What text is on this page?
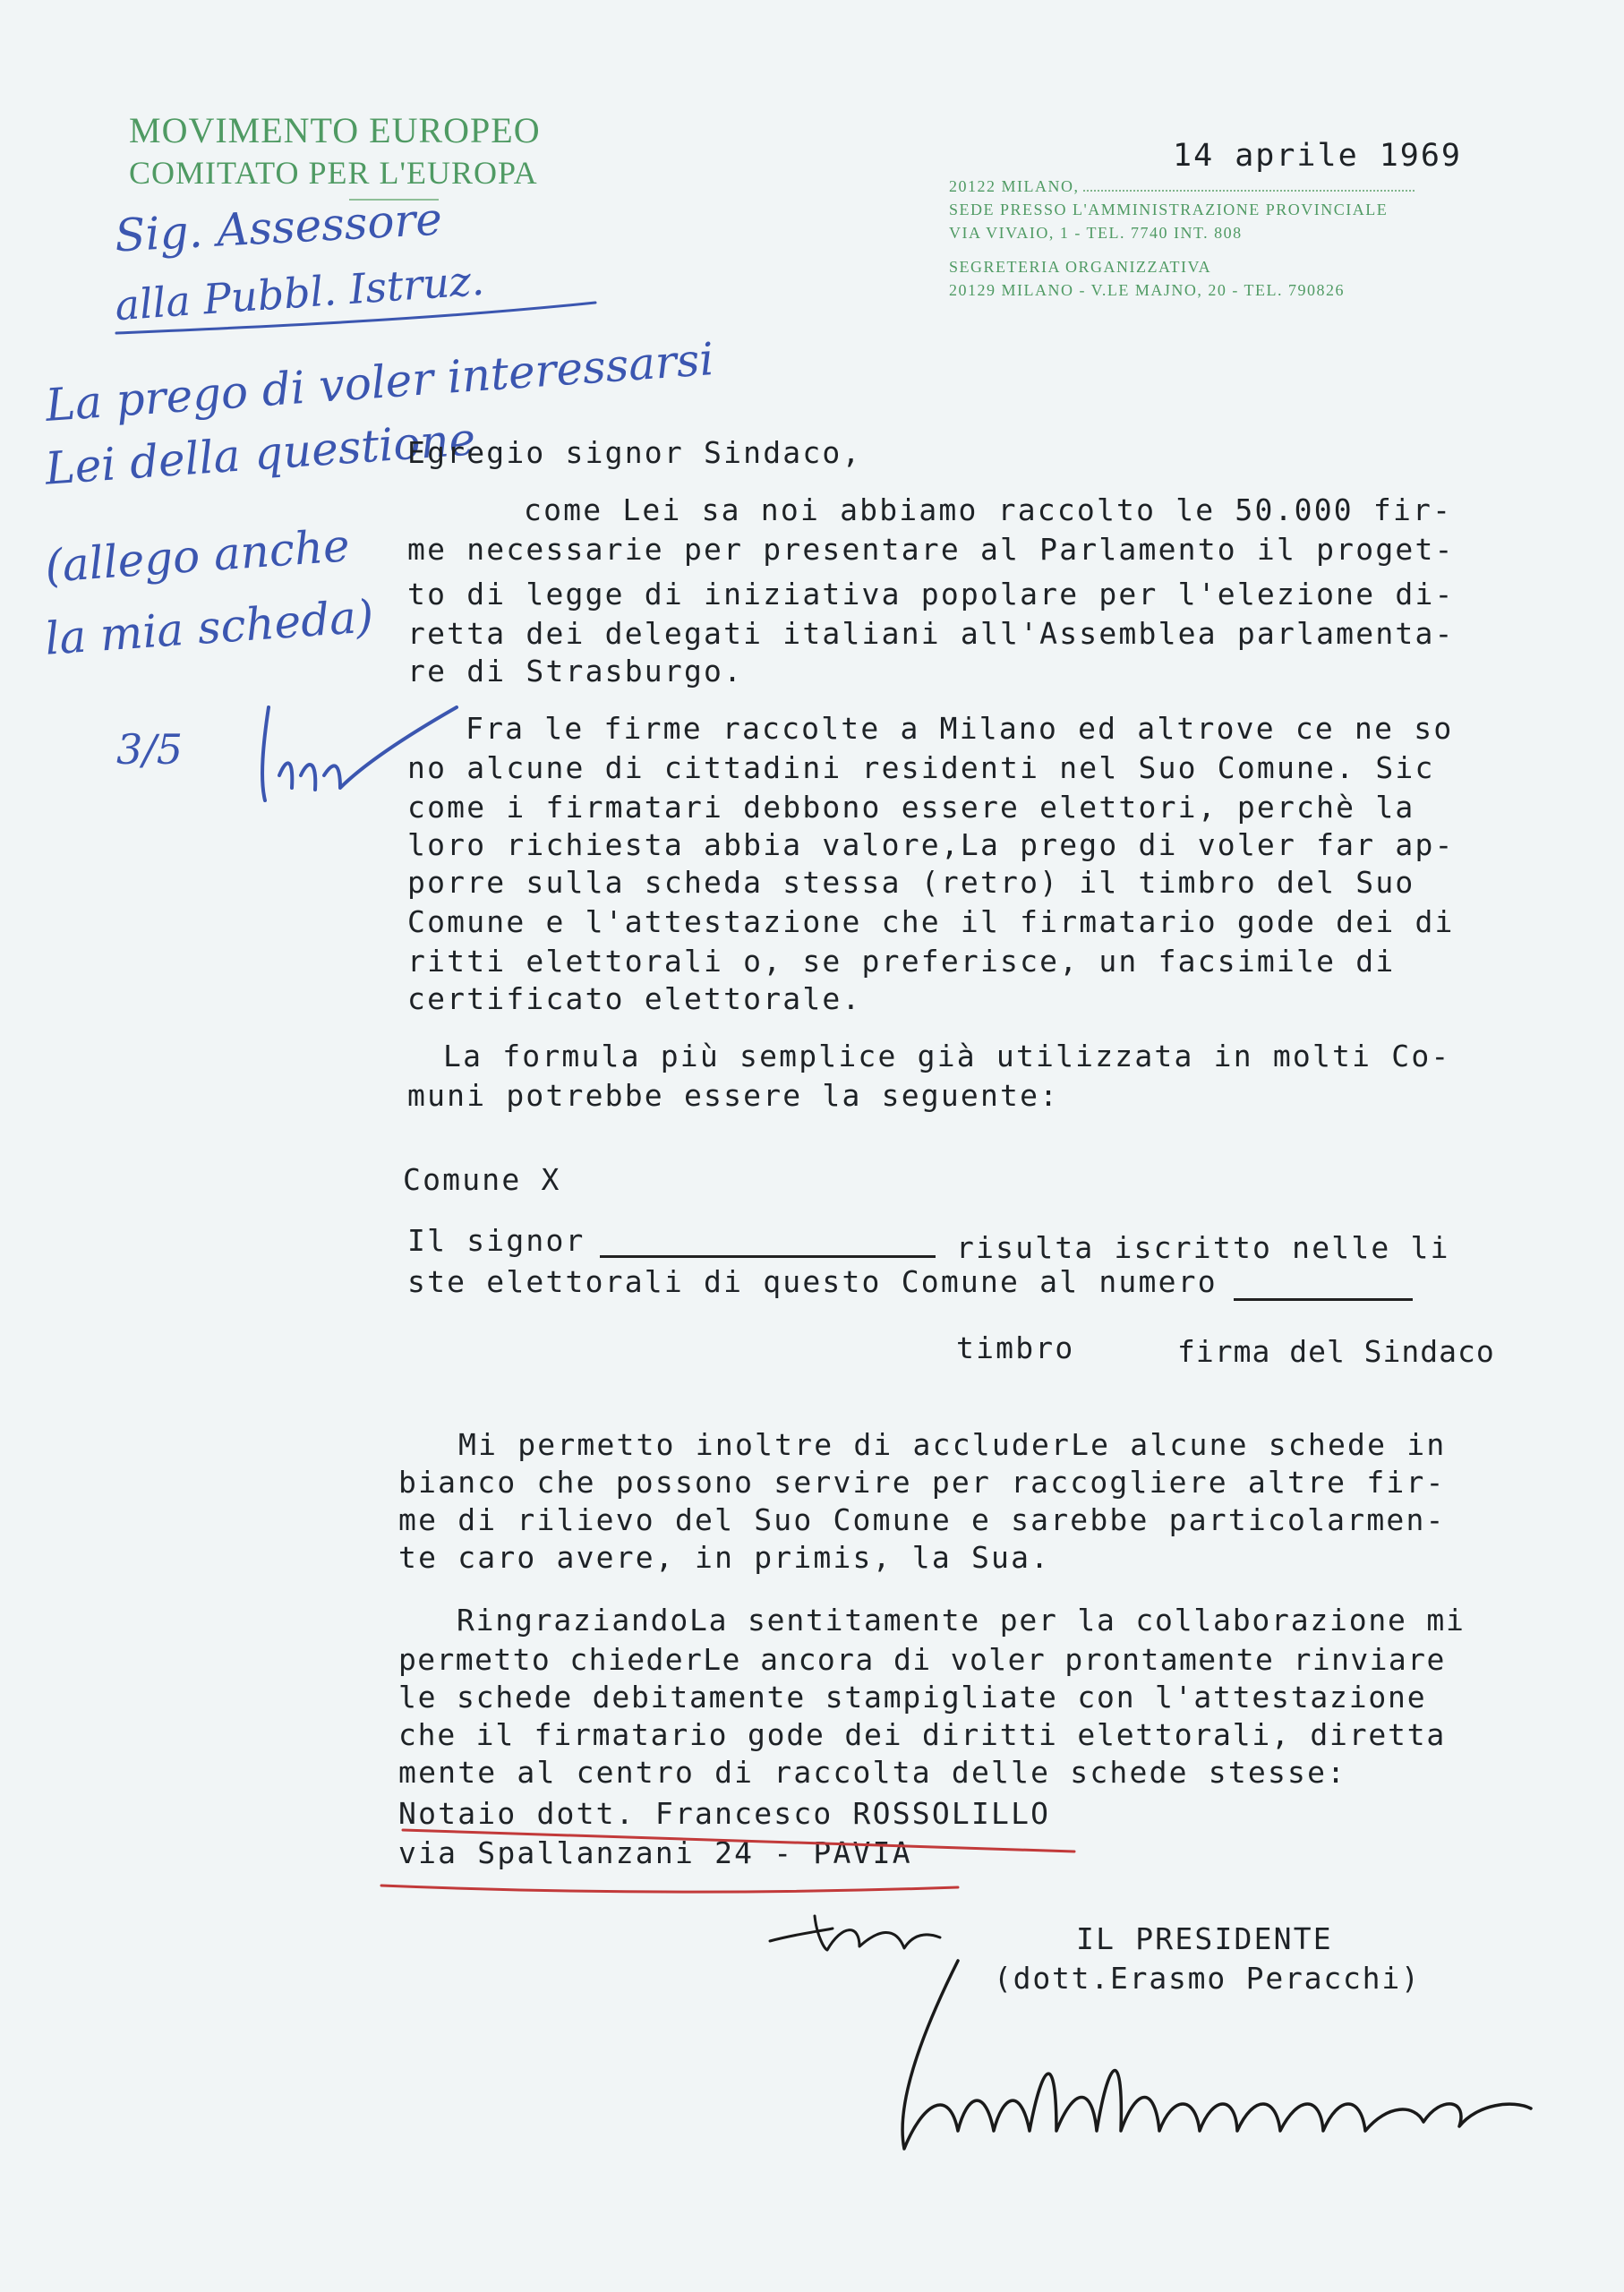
MOVIMENTO EUROPEO
COMITATO PER L'EUROPA	20122 MILANO,
SEDE PRESSO L'AMMINISTRAZIONE PROVINCIALE
VIA VIVAIO, 1 - TEL. 7740 INT. 808
SEGRETERIA ORGANIZZATIVA
20129 MILANO - V.LE MAJNO, 20 - TEL. 790826
14 aprile 1969
Sig. Assessore
alla Pubbl. Istruz.
La prego di voler interessarsi
Lei della questione
(allego anche
la mia scheda)
3/5
Egregio signor Sindaco,
come Lei sa noi abbiamo raccolto le 50.000 fir-
me necessarie per presentare al Parlamento il proget-
to di legge di iniziativa popolare per l'elezione di-
retta dei delegati italiani all'Assemblea parlamenta-
re di Strasburgo.
Fra le firme raccolte a Milano ed altrove ce ne so
no alcune di cittadini residenti nel Suo Comune. Sic
come i firmatari debbono essere elettori, perchè la
loro richiesta abbia valore,La prego di voler far ap-
porre sulla scheda stessa (retro) il timbro del Suo
Comune e l'attestazione che il firmatario gode dei di
ritti elettorali o, se preferisce, un facsimile di
certificato elettorale.
La formula più semplice già utilizzata in molti Co-
muni potrebbe essere la seguente:
Comune X
Il signor	risulta iscritto nelle li
ste elettorali di questo Comune al numero
timbro	firma del Sindaco
Mi permetto inoltre di accluderLe alcune schede in
bianco che possono servire per raccogliere altre fir-
me di rilievo del Suo Comune e sarebbe particolarmen-
te caro avere, in primis, la Sua.
RingraziandoLa sentitamente per la collaborazione mi
permetto chiederLe ancora di voler prontamente rinviare
le schede debitamente stampigliate con l'attestazione
che il firmatario gode dei diritti elettorali, diretta
mente al centro di raccolta delle schede stesse:
Notaio dott. Francesco ROSSOLILLO
via Spallanzani 24 - PAVIA
IL PRESIDENTE
(dott.Erasmo Peracchi)
